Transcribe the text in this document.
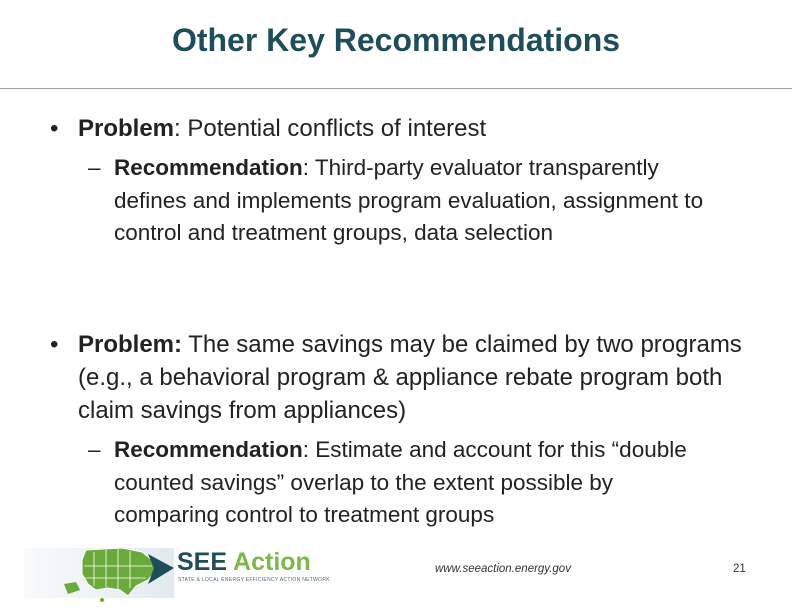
Other Key Recommendations
• Problem: Potential conflicts of interest
– Recommendation: Third-party evaluator transparently defines and implements program evaluation, assignment to control and treatment groups, data selection
• Problem: The same savings may be claimed by two programs (e.g., a behavioral program & appliance rebate program both claim savings from appliances)
– Recommendation: Estimate and account for this “double counted savings” overlap to the extent possible by comparing control to treatment groups
SEE Action
STATE & LOCAL ENERGY EFFICIENCY ACTION NETWORK
www.seeaction.energy.gov	21
